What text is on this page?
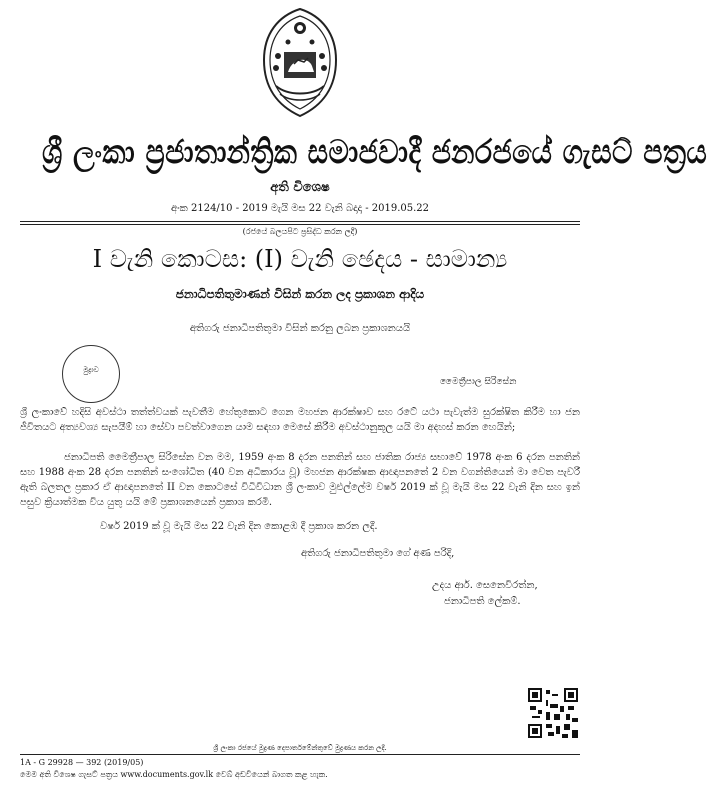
ශ්‍රී ලංකා ප්‍රජාතාන්ත්‍රික සමාජවාදී ජනරජයේ ගැසට් පත්‍රය
අති විශෙෂ
අංක 2124/10 - 2019 මැයි මස 22 වැනි බදාදා - 2019.05.22
(රජයේ බලයපිට ප්‍රසිද්ධ කරන ලදී)
I වැනි කොටස: (I) වැනි ඡෙදය - සාමාන්‍ය
ජනාධිපතිතුමාණන් විසින් කරන ලද ප්‍රකාශන ආදිය
අතිගරු ජනාධිපතිතුමා විසින් කරනු ලබන ප්‍රකාශනයයි
මුද්‍රාව
මෛත්‍රීපාල සිරිසේන
ශ්‍රී ලංකාවේ හදිසි අවස්ථා තත්ත්වයක් පැවතීම හේතුකොට ගෙන මහජන ආරක්ෂාව සහ රටේ යථා පැවැත්ම සුරක්ෂිත කිරීම හා ජන ජීවිතයට අත්‍යවශ්‍ය සැපයීම් හා සේවා පවත්වාගෙන යාම සඳහා මෙසේ කිරීම අවස්ථානුකූල යයි මා අදහස් කරන හෙයින්;
ජනාධිපති මෛත්‍රීපාල සිරිසේන වන මම, 1959 අංක 8 දරන පනතින් සහ ජාතික රාජ්‍ය සභාවේ 1978 අංක 6 දරන පනතින් සහ 1988 අංක 28 දරන පනතින් සංශෝධිත (40 වන අධිකාරය වූ) මහජන ආරක්ෂක ආඥාපනතේ 2 වන වගන්තියෙන් මා වෙත පැවරී ඇති බලතල ප්‍රකාර ඒ ආඥාපනතේ II වන කොටසේ විධිවිධාන ශ්‍රී ලංකාව මුළුල්ලේම වර්ෂ 2019 ක් වූ මැයි මස 22 වැනි දින සහ ඉන් පසුව ක්‍රියාත්මක විය යුතු යයි මේ ප්‍රකාශනයෙන් ප්‍රකාශ කරමි.
වර්ෂ 2019 ක් වූ මැයි මස 22 වැනි දින කොළඹ දී ප්‍රකාශ කරන ලදී.
අතිගරු ජනාධිපතිතුමා ගේ අණ පරිදි,
උදය ආර්. සෙනෙවිරත්න,
ජනාධිපති ලේකම්.
ශ්‍රී ලංකා රජයේ මුද්‍රණ දෙපාර්තමේන්තුවේ මුද්‍රණය කරන ලදී.
1A - G 29928 — 392 (2019/05)
මෙම අති විශෙෂ ගැසට් පත්‍රය www.documents.gov.lk වෙබ් අඩවියෙන් බාගත කළ හැක.
